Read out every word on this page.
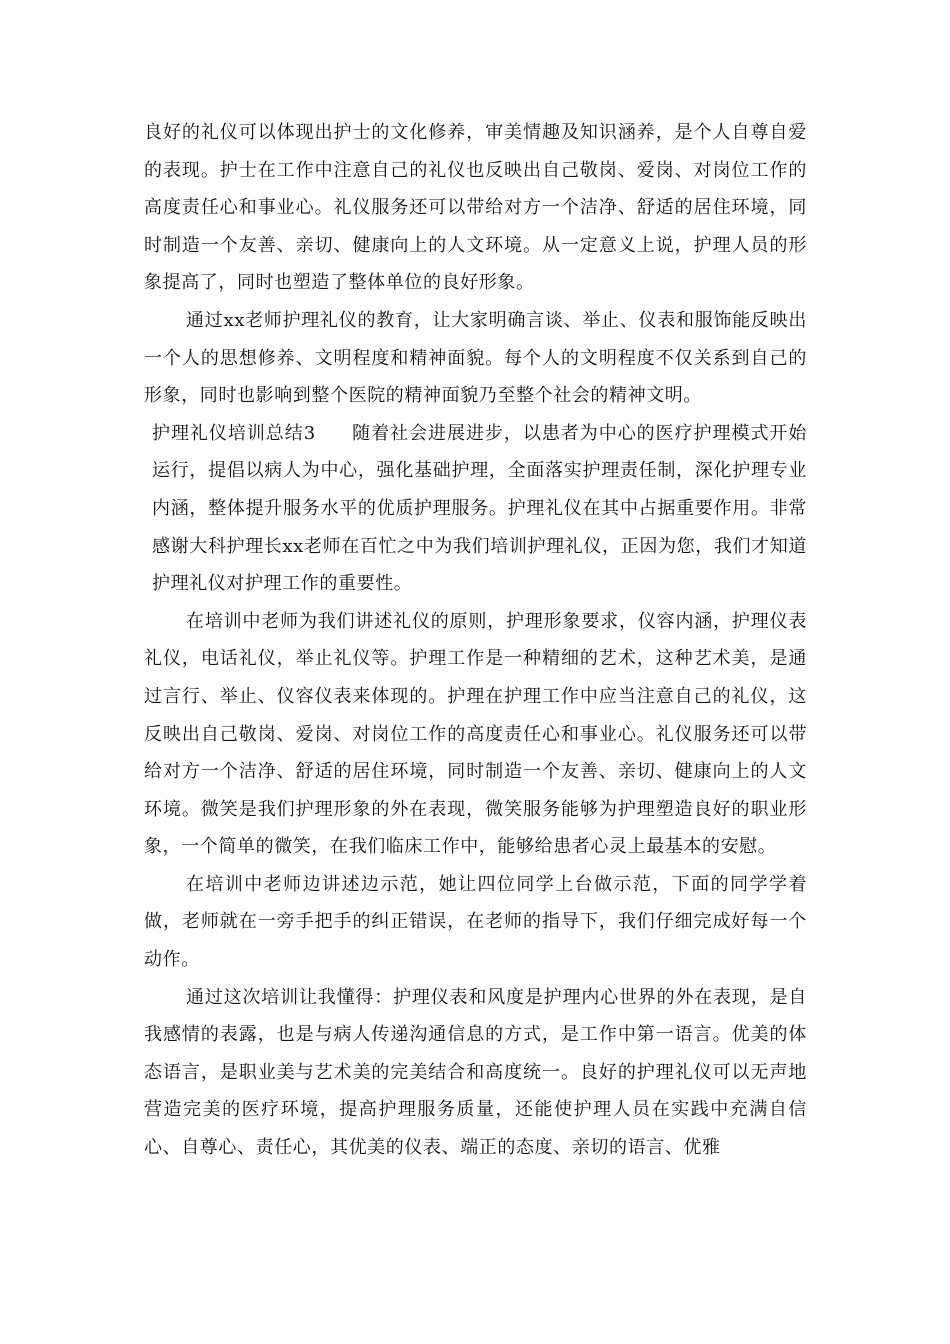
良好的礼仪可以体现出护士的文化修养，审美情趣及知识涵养，是个人自尊自爱的表现。护士在工作中注意自己的礼仪也反映出自己敬岗、爱岗、对岗位工作的高度责任心和事业心。礼仪服务还可以带给对方一个洁净、舒适的居住环境，同时制造一个友善、亲切、健康向上的人文环境。从一定意义上说，护理人员的形象提高了，同时也塑造了整体单位的良好形象。

通过xx老师护理礼仪的教育，让大家明确言谈、举止、仪表和服饰能反映出一个人的思想修养、文明程度和精神面貌。每个人的文明程度不仅关系到自己的形象，同时也影响到整个医院的精神面貌乃至整个社会的精神文明。

护理礼仪培训总结3 随着社会进展进步，以患者为中心的医疗护理模式开始运行，提倡以病人为中心，强化基础护理，全面落实护理责任制，深化护理专业内涵，整体提升服务水平的优质护理服务。护理礼仪在其中占据重要作用。非常感谢大科护理长xx老师在百忙之中为我们培训护理礼仪，正因为您，我们才知道护理礼仪对护理工作的重要性。

在培训中老师为我们讲述礼仪的原则，护理形象要求，仪容内涵，护理仪表礼仪，电话礼仪，举止礼仪等。护理工作是一种精细的艺术，这种艺术美，是通过言行、举止、仪容仪表来体现的。护理在护理工作中应当注意自己的礼仪，这反映出自己敬岗、爱岗、对岗位工作的高度责任心和事业心。礼仪服务还可以带给对方一个洁净、舒适的居住环境，同时制造一个友善、亲切、健康向上的人文环境。微笑是我们护理形象的外在表现，微笑服务能够为护理塑造良好的职业形象，一个简单的微笑，在我们临床工作中，能够给患者心灵上最基本的安慰。

在培训中老师边讲述边示范，她让四位同学上台做示范，下面的同学学着做，老师就在一旁手把手的纠正错误，在老师的指导下，我们仔细完成好每一个动作。

通过这次培训让我懂得：护理仪表和风度是护理内心世界的外在表现，是自我感情的表露，也是与病人传递沟通信息的方式，是工作中第一语言。优美的体态语言，是职业美与艺术美的完美结合和高度统一。良好的护理礼仪可以无声地营造完美的医疗环境，提高护理服务质量，还能使护理人员在实践中充满自信心、自尊心、责任心，其优美的仪表、端正的态度、亲切的语言、优雅
